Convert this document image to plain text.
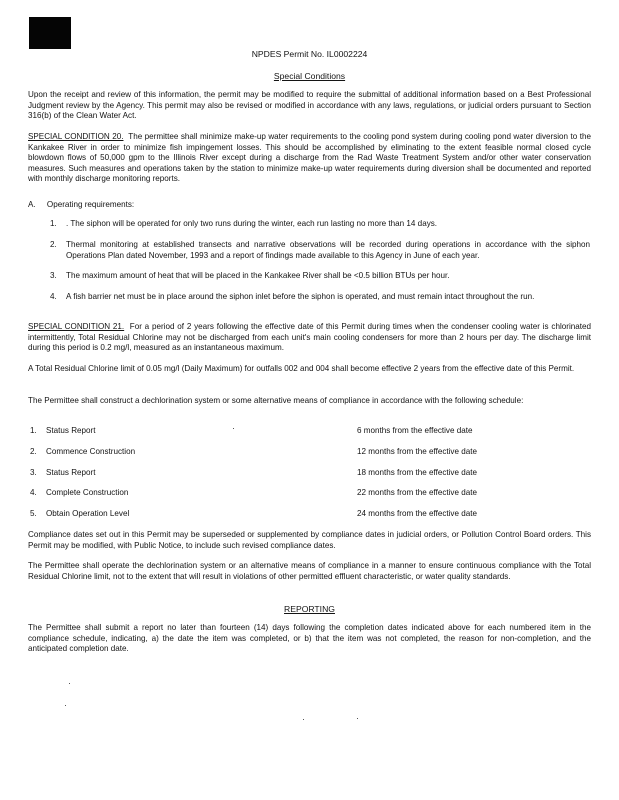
NPDES Permit No. IL0002224
Special Conditions
Upon the receipt and review of this information, the permit may be modified to require the submittal of additional information based on a Best Professional Judgment review by the Agency. This permit may also be revised or modified in accordance with any laws, regulations, or judicial orders pursuant to Section 316(b) of the Clean Water Act.
SPECIAL CONDITION 20. The permittee shall minimize make-up water requirements to the cooling pond system during cooling pond water diversion to the Kankakee River in order to minimize fish impingement losses. This should be accomplished by eliminating to the extent feasible normal closed cycle blowdown flows of 50,000 gpm to the Illinois River except during a discharge from the Rad Waste Treatment System and/or other water conservation measures. Such measures and operations taken by the station to minimize make-up water requirements during diversion shall be documented and reported with monthly discharge monitoring reports.
A. Operating requirements:
1.	. The siphon will be operated for only two runs during the winter, each run lasting no more than 14 days.
2.	Thermal monitoring at established transects and narrative observations will be recorded during operations in accordance with the siphon Operations Plan dated November, 1993 and a report of findings made available to this Agency in June of each year.
3.	The maximum amount of heat that will be placed in the Kankakee River shall be <0.5 billion BTUs per hour.
4.	A fish barrier net must be in place around the siphon inlet before the siphon is operated, and must remain intact throughout the run.
SPECIAL CONDITION 21. For a period of 2 years following the effective date of this Permit during times when the condenser cooling water is chlorinated intermittently, Total Residual Chlorine may not be discharged from each unit's main cooling condensers for more than 2 hours per day. The discharge limit during this period is 0.2 mg/l, measured as an instantaneous maximum.
A Total Residual Chlorine limit of 0.05 mg/l (Daily Maximum) for outfalls 002 and 004 shall become effective 2 years from the effective date of this Permit.
The Permittee shall construct a dechlorination system or some alternative means of compliance in accordance with the following schedule:
1. Status Report	6 months from the effective date
2. Commence Construction	12 months from the effective date
3. Status Report	18 months from the effective date
4. Complete Construction	22 months from the effective date
5. Obtain Operation Level	24 months from the effective date
Compliance dates set out in this Permit may be superseded or supplemented by compliance dates in judicial orders, or Pollution Control Board orders. This Permit may be modified, with Public Notice, to include such revised compliance dates.
The Permittee shall operate the dechlorination system or an alternative means of compliance in a manner to ensure continuous compliance with the Total Residual Chlorine limit, not to the extent that will result in violations of other permitted effluent characteristic, or water quality standards.
REPORTING
The Permittee shall submit a report no later than fourteen (14) days following the completion dates indicated above for each numbered item in the compliance schedule, indicating, a) the date the item was completed, or b) that the item was not completed, the reason for non-completion, and the anticipated completion date.
